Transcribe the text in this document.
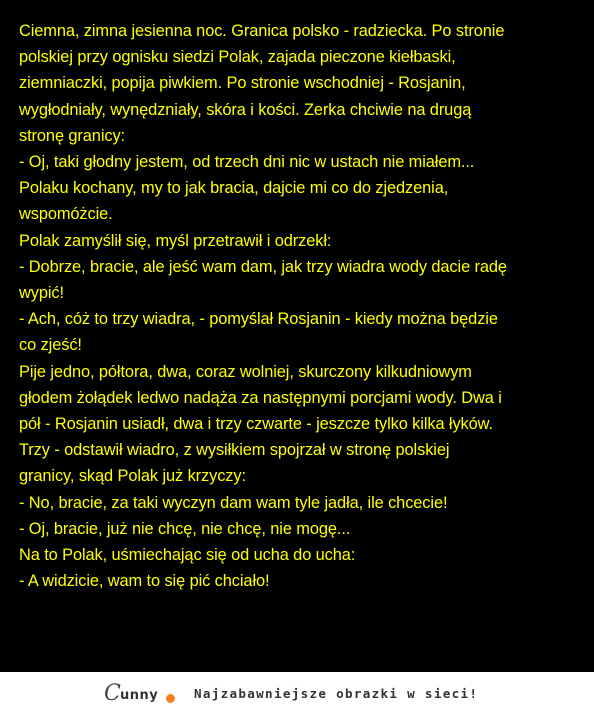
Ciemna, zimna jesienna noc. Granica polsko - radziecka. Po stronie
polskiej przy ognisku siedzi Polak, zajada pieczone kiełbaski,
ziemniaczki, popija piwkiem. Po stronie wschodniej - Rosjanin,
wygłodniały, wynędzniały, skóra i kości. Zerka chciwie na drugą
stronę granicy:
- Oj, taki głodny jestem, od trzech dni nic w ustach nie miałem...
Polaku kochany, my to jak bracia, dajcie mi co do zjedzenia,
wspomóżcie.
Polak zamyślił się, myśl przetrawił i odrzekł:
- Dobrze, bracie, ale jeść wam dam, jak trzy wiadra wody dacie radę
wypić!
- Ach, cóż to trzy wiadra, - pomyślał Rosjanin - kiedy można będzie
co zjeść!
Pije jedno, półtora, dwa, coraz wolniej, skurczony kilkudniowym
głodem żołądek ledwo nadąża za następnymi porcjami wody. Dwa i
pół - Rosjanin usiadł, dwa i trzy czwarte - jeszcze tylko kilka łyków.
Trzy - odstawił wiadro, z wysiłkiem spojrzał w stronę polskiej
granicy, skąd Polak już krzyczy:
- No, bracie, za taki wyczyn dam wam tyle jadła, ile chcecie!
- Oj, bracie, już nie chcę, nie chcę, nie mogę...
Na to Polak, uśmiechając się od ucha do ucha:
- A widzicie, wam to się pić chciało!
C unny	Najzabawniejsze obrazki w sieci!
